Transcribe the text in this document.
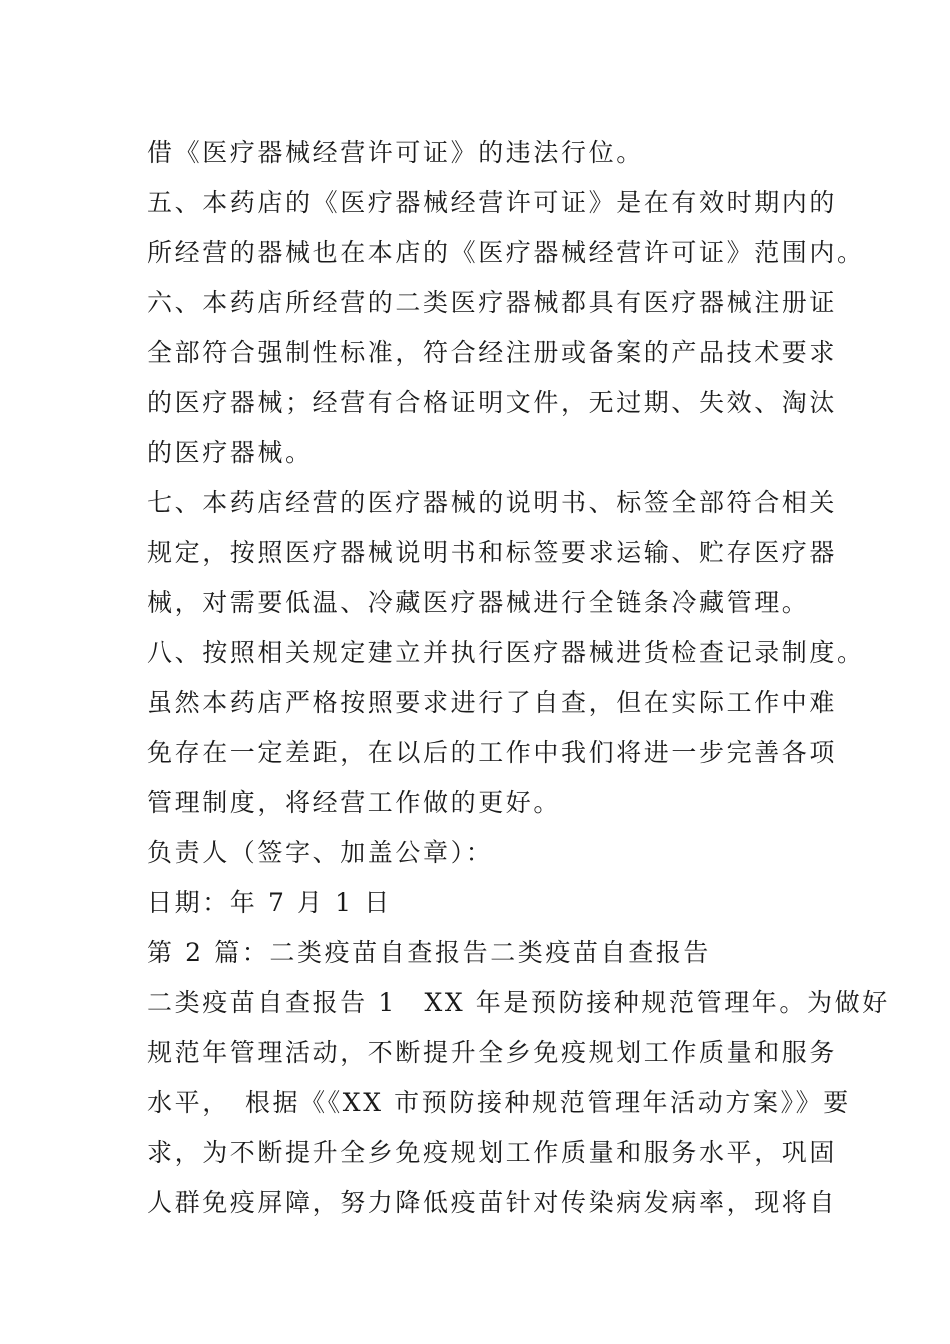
借《医疗器械经营许可证》的违法行位。
五、本药店的《医疗器械经营许可证》是在有效时期内的
所经营的器械也在本店的《医疗器械经营许可证》范围内。
六、本药店所经营的二类医疗器械都具有医疗器械注册证
全部符合强制性标准，符合经注册或备案的产品技术要求
的医疗器械；经营有合格证明文件，无过期、失效、淘汰
的医疗器械。
七、本药店经营的医疗器械的说明书、标签全部符合相关
规定，按照医疗器械说明书和标签要求运输、贮存医疗器
械，对需要低温、冷藏医疗器械进行全链条冷藏管理。
八、按照相关规定建立并执行医疗器械进货检查记录制度。
虽然本药店严格按照要求进行了自查，但在实际工作中难
免存在一定差距，在以后的工作中我们将进一步完善各项
管理制度，将经营工作做的更好。
负责人（签字、加盖公章）：
日期：年 7 月 1 日
第 2 篇：二类疫苗自查报告二类疫苗自查报告
二类疫苗自查报告 1　XX 年是预防接种规范管理年。为做好
规范年管理活动，不断提升全乡免疫规划工作质量和服务
水平，　根据《《XX 市预防接种规范管理年活动方案》》要
求，为不断提升全乡免疫规划工作质量和服务水平，巩固
人群免疫屏障，努力降低疫苗针对传染病发病率，现将自
